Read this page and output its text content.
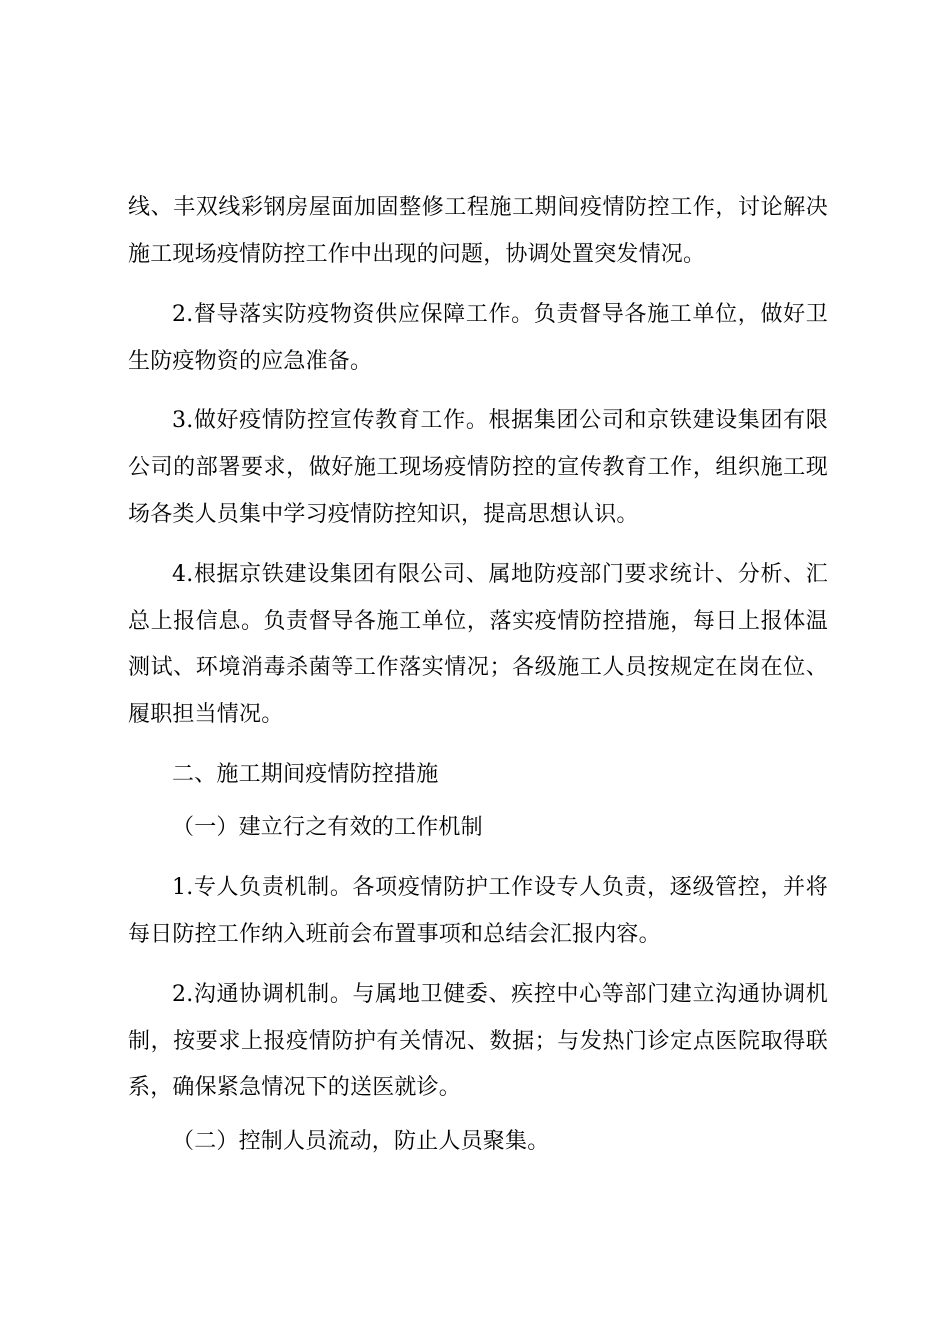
线、丰双线彩钢房屋面加固整修工程施工期间疫情防控工作，讨论解决
施工现场疫情防控工作中出现的问题，协调处置突发情况。
2.督导落实防疫物资供应保障工作。负责督导各施工单位，做好卫
生防疫物资的应急准备。
3.做好疫情防控宣传教育工作。根据集团公司和京铁建设集团有限
公司的部署要求，做好施工现场疫情防控的宣传教育工作，组织施工现
场各类人员集中学习疫情防控知识，提高思想认识。
4.根据京铁建设集团有限公司、属地防疫部门要求统计、分析、汇
总上报信息。负责督导各施工单位，落实疫情防控措施，每日上报体温
测试、环境消毒杀菌等工作落实情况；各级施工人员按规定在岗在位、
履职担当情况。
二、施工期间疫情防控措施
（一）建立行之有效的工作机制
1.专人负责机制。各项疫情防护工作设专人负责，逐级管控，并将
每日防控工作纳入班前会布置事项和总结会汇报内容。
2.沟通协调机制。与属地卫健委、疾控中心等部门建立沟通协调机
制，按要求上报疫情防护有关情况、数据；与发热门诊定点医院取得联
系，确保紧急情况下的送医就诊。
（二）控制人员流动，防止人员聚集。
